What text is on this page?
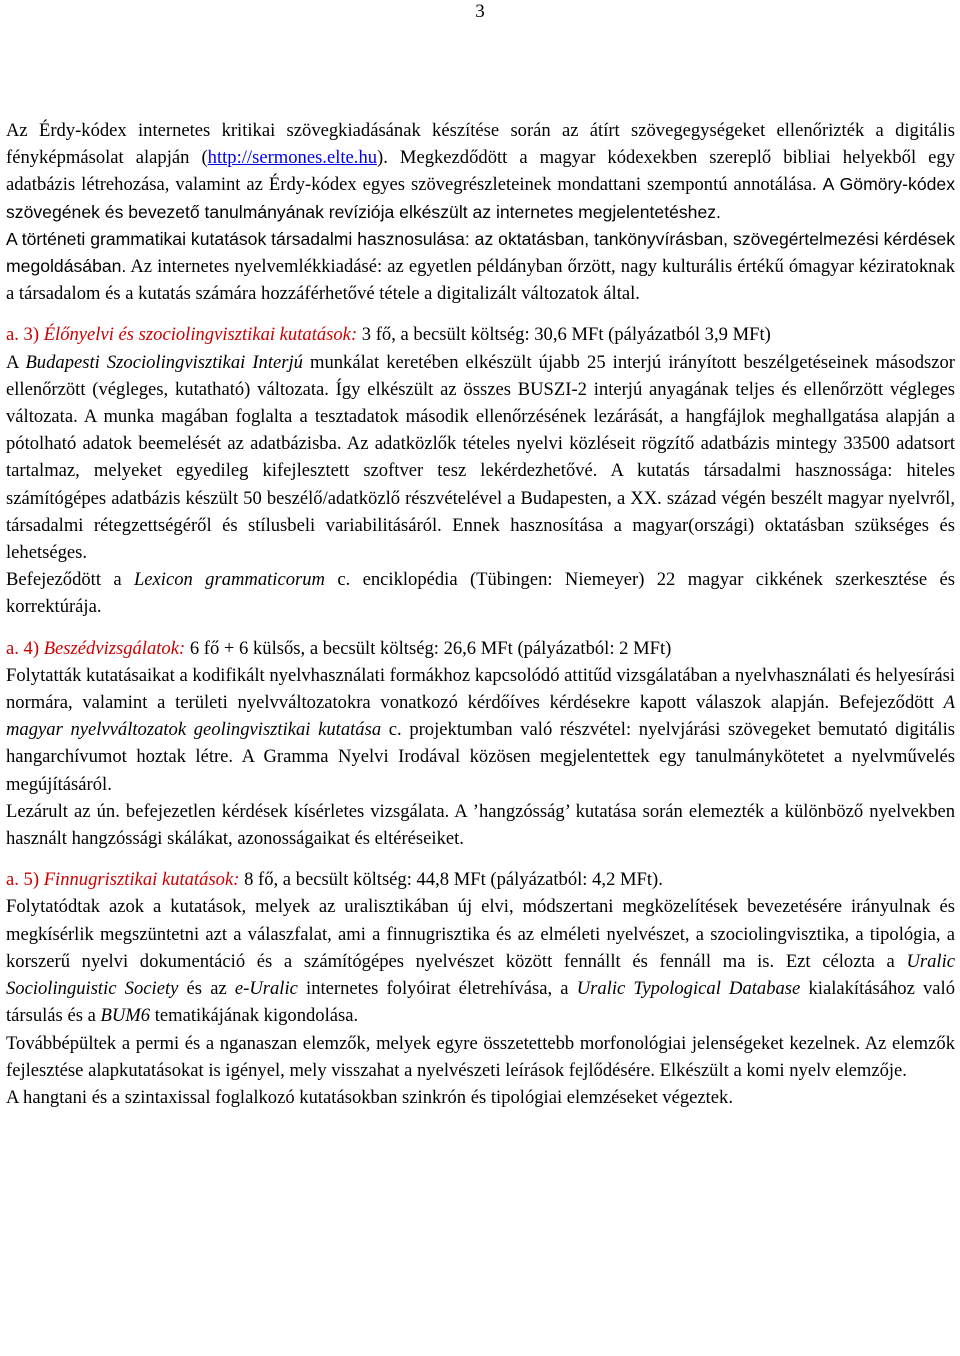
3

Az Érdy-kódex internetes kritikai szövegkiadásának készítése során az átírt szövegegységeket ellenőrizték a digitális fényképmásolat alapján (http://sermones.elte.hu). Megkezdődött a magyar kódexekben szereplő bibliai helyekből egy adatbázis létrehozása, valamint az Érdy-kódex egyes szövegrészleteinek mondattani szempontú annotálása. A Gömöry-kódex szövegének és bevezető tanulmányának revíziója elkészült az internetes megjelentetéshez.

A történeti grammatikai kutatások társadalmi hasznosulása: az oktatásban, tankönyvírásban, szövegértelmezési kérdések megoldásában. Az internetes nyelvemlékkiadásé: az egyetlen példányban őrzött, nagy kulturális értékű ómagyar kéziratoknak a társadalom és a kutatás számára hozzáférhetővé tétele a digitalizált változatok által.

a. 3) Élőnyelvi és szociolingvisztikai kutatások: 3 fő, a becsült költség: 30,6 MFt (pályázatból 3,9 MFt)

A Budapesti Szociolingvisztikai Interjú munkálat keretében elkészült újabb 25 interjú irányított beszélgetéseinek másodszor ellenőrzött (végleges, kutatható) változata. Így elkészült az összes BUSZI-2 interjú anyagának teljes és ellenőrzött végleges változata. A munka magában foglalta a tesztadatok második ellenőrzésének lezárását, a hangfájlok meghallgatása alapján a pótolható adatok beemelését az adatbázisba. Az adatközlők tételes nyelvi közléseit rögzítő adatbázis mintegy 33500 adatsort tartalmaz, melyeket egyedileg kifejlesztett szoftver tesz lekérdezhetővé. A kutatás társadalmi hasznossága: hiteles számítógépes adatbázis készült 50 beszélő/adatközlő részvételével a Budapesten, a XX. század végén beszélt magyar nyelvről, társadalmi rétegzettségéről és stílusbeli variabilitásáról. Ennek hasznosítása a magyar(országi) oktatásban szükséges és lehetséges.

Befejeződött a Lexicon grammaticorum c. enciklopédia (Tübingen: Niemeyer) 22 magyar cikkének szerkesztése és korrektúrája.

a. 4) Beszédvizsgálatok: 6 fő + 6 külsős, a becsült költség: 26,6 MFt (pályázatból: 2 MFt)

Folytatták kutatásaikat a kodifikált nyelvhasználati formákhoz kapcsolódó attitűd vizsgálatában a nyelvhasználati és helyesírási normára, valamint a területi nyelvváltozatokra vonatkozó kérdőíves kérdésekre kapott válaszok alapján. Befejeződött A magyar nyelvváltozatok geolingvisztikai kutatása c. projektumban való részvétel: nyelvjárási szövegeket bemutató digitális hangarchívumot hoztak létre. A Gramma Nyelvi Irodával közösen megjelentettek egy tanulmánykötetet a nyelvművelés megújításáról.

Lezárult az ún. befejezetlen kérdések kísérletes vizsgálata. A ’hangzósság’ kutatása során elemezték a különböző nyelvekben használt hangzóssági skálákat, azonosságaikat és eltéréseiket.

a. 5) Finnugrisztikai kutatások: 8 fő, a becsült költség: 44,8 MFt (pályázatból: 4,2 MFt).

Folytatódtak azok a kutatások, melyek az uralisztikában új elvi, módszertani megközelítések bevezetésére irányulnak és megkísérlik megszüntetni azt a válaszfalat, ami a finnugrisztika és az elméleti nyelvészet, a szociolingvisztika, a tipológia, a korszerű nyelvi dokumentáció és a számítógépes nyelvészet között fennállt és fennáll ma is. Ezt célozta a Uralic Sociolinguistic Society és az e-Uralic internetes folyóirat életrehívása, a Uralic Typological Database kialakításához való társulás és a BUM6 tematikájának kigondolása.

Továbbépültek a permi és a nganaszan elemzők, melyek egyre összetettebb morfonológiai jelenségeket kezelnek. Az elemzők fejlesztése alapkutatásokat is igényel, mely visszahat a nyelvészeti leírások fejlődésére. Elkészült a komi nyelv elemzője.

A hangtani és a szintaxissal foglalkozó kutatásokban szinkrón és tipológiai elemzéseket végeztek.
